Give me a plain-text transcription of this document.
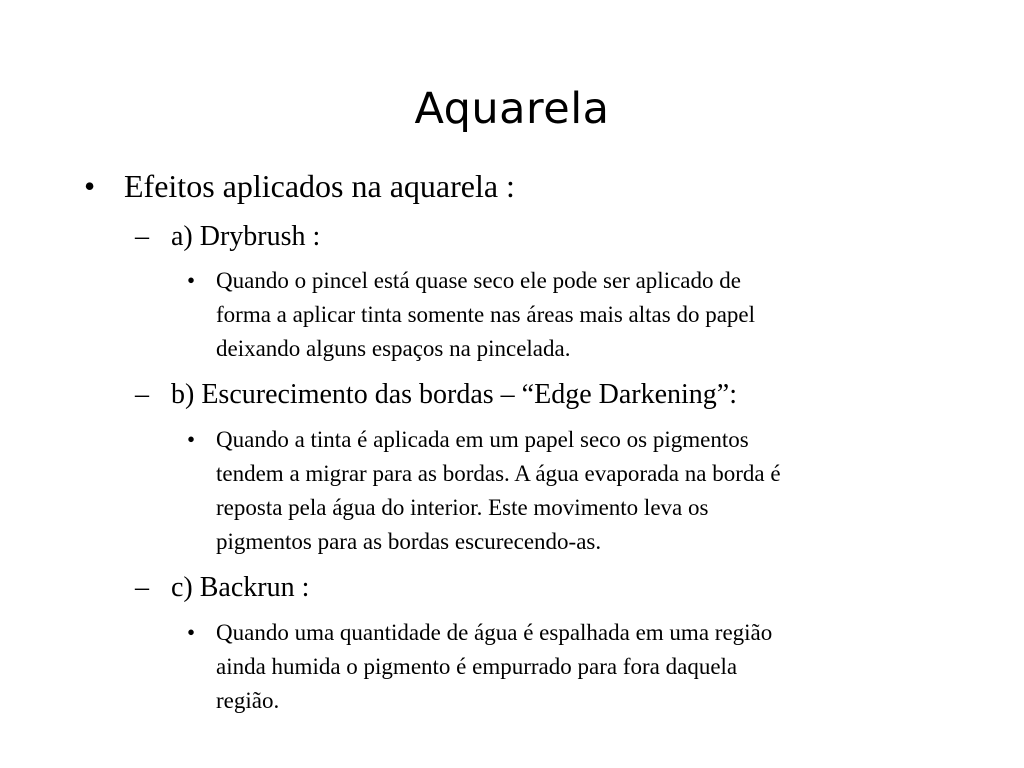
Aquarela
• Efeitos aplicados na aquarela :
– a) Drybrush :
• Quando o pincel está quase seco ele pode ser aplicado de
forma a aplicar tinta somente nas áreas mais altas do papel
deixando alguns espaços na pincelada.
– b) Escurecimento das bordas – “Edge Darkening”:
• Quando a tinta é aplicada em um papel seco os pigmentos
tendem a migrar para as bordas. A água evaporada na borda é
reposta pela água do interior. Este movimento leva os
pigmentos para as bordas escurecendo-as.
– c) Backrun :
• Quando uma quantidade de água é espalhada em uma região
ainda humida o pigmento é empurrado para fora daquela
região.
